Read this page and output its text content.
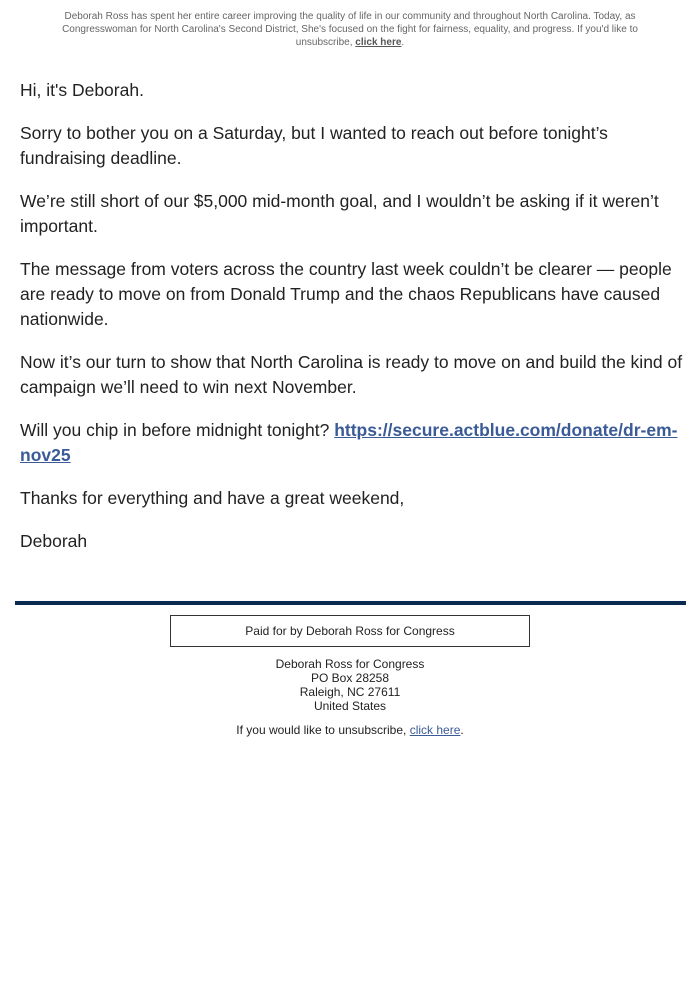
Deborah Ross has spent her entire career improving the quality of life in our community and throughout North Carolina. Today, as Congresswoman for North Carolina's Second District, She's focused on the fight for fairness, equality, and progress. If you'd like to unsubscribe, click here.

Hi, it's Deborah.

Sorry to bother you on a Saturday, but I wanted to reach out before tonight’s fundraising deadline.

We’re still short of our $5,000 mid-month goal, and I wouldn’t be asking if it weren’t important.

The message from voters across the country last week couldn’t be clearer — people are ready to move on from Donald Trump and the chaos Republicans have caused nationwide.

Now it’s our turn to show that North Carolina is ready to move on and build the kind of campaign we’ll need to win next November.

Will you chip in before midnight tonight? https://secure.actblue.com/donate/dr-em-nov25

Thanks for everything and have a great weekend,

Deborah

Paid for by Deborah Ross for Congress
Deborah Ross for Congress
PO Box 28258
Raleigh, NC 27611
United States
If you would like to unsubscribe, click here.
